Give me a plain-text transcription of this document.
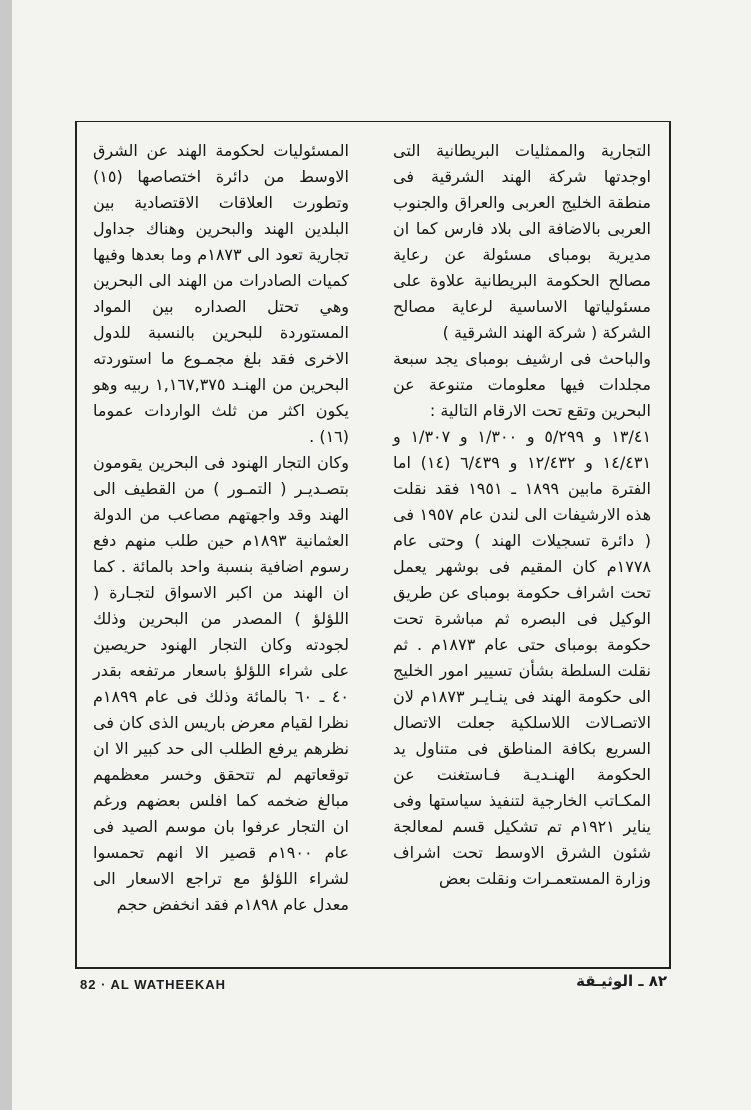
التجارية والممثليات البريطانية التى اوجدتها شركة الهند الشرقية فى منطقة الخليج العربى والعراق والجنوب العربى بالاضافة الى بلاد فارس كما ان مديرية بومباى مسئولة عن رعاية مصالح الحكومة البريطانية علاوة على مسئولياتها الاساسية لرعاية مصالح الشركة ( شركة الهند الشرقية )

والباحث فى ارشيف بومباى يجد سبعة مجلدات فيها معلومات متنوعة عن البحرين وتقع تحت الارقام التالية :

١٣/٤١ و ٥/٢٩٩ و ١/٣٠٠ و ١/٣٠٧ و ١٤/٤٣١ و ١٢/٤٣٢ و ٦/٤٣٩ (١٤) اما الفترة مابين ١٨٩٩ ـ ١٩٥١ فقد نقلت هذه الارشيفات الى لندن عام ١٩٥٧ فى ( دائرة تسجيلات الهند ) وحتى عام ١٧٧٨م كان المقيم فى بوشهر يعمل تحت اشراف حكومة بومباى عن طريق الوكيل فى البصره ثم مباشرة تحت حكومة بومباى حتى عام ١٨٧٣م . ثم نقلت السلطة بشأن تسيير امور الخليج الى حكومة الهند فى ينـايـر ١٨٧٣م لان الاتصـالات اللاسلكية جعلت الاتصال السريع بكافة المناطق فى متناول يد الحكومة الهنـديـة فـاستغنت عن المكـاتب الخارجية لتنفيذ سياستها وفى يناير ١٩٢١م تم تشكيل قسم لمعالجة شئون الشرق الاوسط تحت اشراف وزارة المستعمـرات ونقلت بعض

المسئوليات لحكومة الهند عن الشرق الاوسط من دائرة اختصاصها (١٥) وتطورت العلاقات الاقتصادية بين البلدين الهند والبحرين وهناك جداول تجارية تعود الى ١٨٧٣م وما بعدها وفيها كميات الصادرات من الهند الى البحرين وهي تحتل الصداره بين المواد المستوردة للبحرين بالنسبة للدول الاخرى فقد بلغ مجمـوع ما استوردته البحرين من الهنـد ١,١٦٧,٣٧٥ ربيه وهو يكون اكثر من ثلث الواردات عموما (١٦) .

وكان التجار الهنود فى البحرين يقومون بتصـديـر ( التمـور ) من القطيف الى الهند وقد واجهتهم مصاعب من الدولة العثمانية ١٨٩٣م حين طلب منهم دفع رسوم اضافية بنسبة واحد بالمائة . كما ان الهند من اكبر الاسواق لتجـارة ( اللؤلؤ ) المصدر من البحرين وذلك لجودته وكان التجار الهنود حريصين على شراء اللؤلؤ باسعار مرتفعه بقدر ٤٠ ـ ٦٠ بالمائة وذلك فى عام ١٨٩٩م نظرا لقيام معرض باريس الذى كان فى نظرهم يرفع الطلب الى حد كبير الا ان توقعاتهم لم تتحقق وخسر معظمهم مبالغ ضخمه كما افلس بعضهم ورغم ان التجار عرفوا بان موسم الصيد فى عام ١٩٠٠م قصير الا انهم تحمسوا لشراء اللؤلؤ مع تراجع الاسعار الى معدل عام ١٨٩٨م فقد انخفض حجم

82 · AL WATHEEKAH	٨٢ ـ الوثيـقة
